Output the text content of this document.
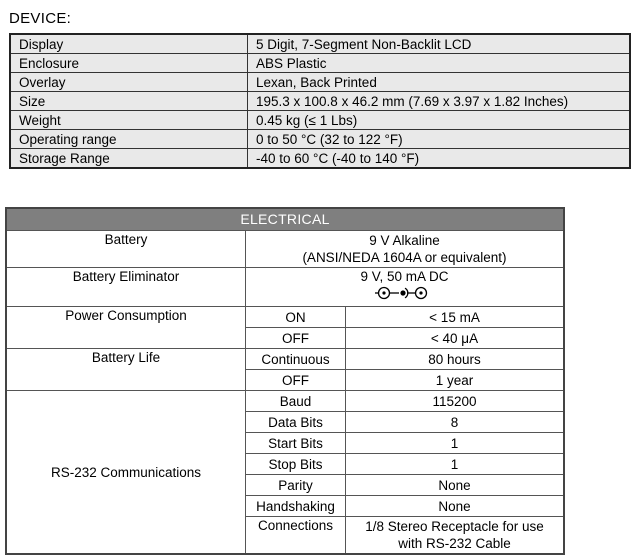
DEVICE:
Display	5 Digit, 7-Segment Non-Backlit LCD
Enclosure	ABS Plastic
Overlay	Lexan, Back Printed
Size	195.3 x 100.8 x 46.2 mm (7.69 x 3.97 x 1.82 Inches)
Weight	0.45 kg (≤ 1 Lbs)
Operating range	0 to 50 °C (32 to 122 °F)
Storage Range	-40 to 60 °C (-40 to 140 °F)
ELECTRICAL		
Battery	9 V Alkaline
(ANSI/NEDA 1604A or equivalent)	

Battery Eliminator	9 V, 50 mA DC	

Power Consumption	ON	< 15 mA
	OFF	< 40 μA
Battery Life	Continuous	80 hours
	OFF	1 year
RS-232 Communications	Baud	115200
	Data Bits	8
	Start Bits	1
	Stop Bits	1
	Parity	None
	Handshaking	None
	Connections	1/8 Stereo Receptacle for use
with RS-232 Cable
